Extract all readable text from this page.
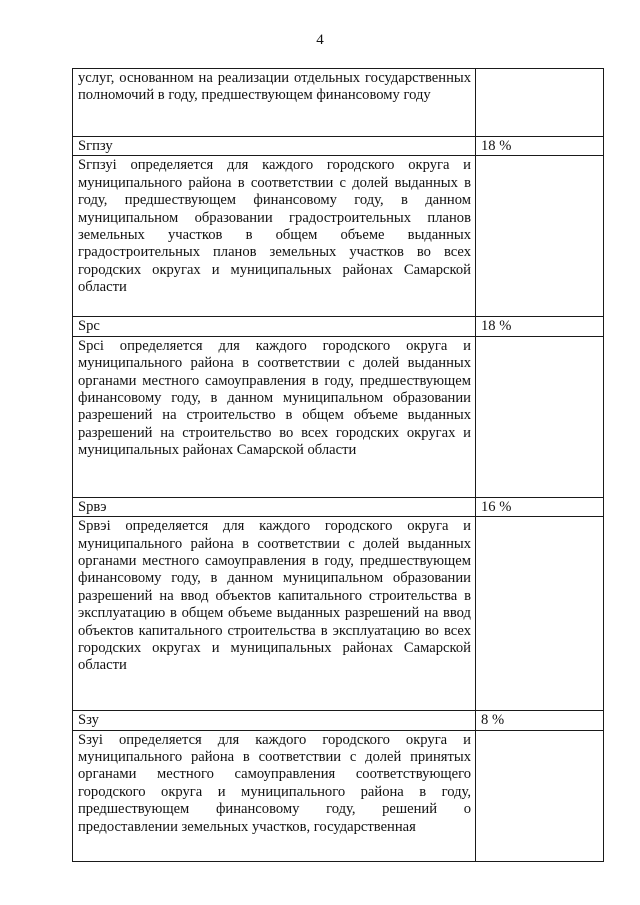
4
услуг, основанном на реализации отдельных государственных полномочий в году, предшествующем финансовому году	
Sгпзу	18 %
Sгпзуi определяется для каждого городского округа и муниципального района в соответствии с долей выданных в году, предшествующем финансовому году, в данном муниципальном образовании градостроительных планов земельных участков в общем объеме выданных градостроительных планов земельных участков во всех городских округах и муниципальных районах Самарской области	
Sрс	18 %
Sрсi определяется для каждого городского округа и муниципального района в соответствии с долей выданных органами местного самоуправления в году, предшествующем финансовому году, в данном муниципальном образовании разрешений на строительство в общем объеме выданных разрешений на строительство во всех городских округах и муниципальных районах Самарской области	
Sрвэ	16 %
Sрвэi определяется для каждого городского округа и муниципального района в соответствии с долей выданных органами местного самоуправления в году, предшествующем финансовому году, в данном муниципальном образовании разрешений на ввод объектов капитального строительства в эксплуатацию в общем объеме выданных разрешений на ввод объектов капитального строительства в эксплуатацию во всех городских округах и муниципальных районах Самарской области	
Sзу	8 %
Sзуi определяется для каждого городского округа и муниципального района в соответствии с долей принятых органами местного самоуправления соответствующего городского округа и муниципального района в году, предшествующем финансовому году, решений о предоставлении земельных участков, государственная	
